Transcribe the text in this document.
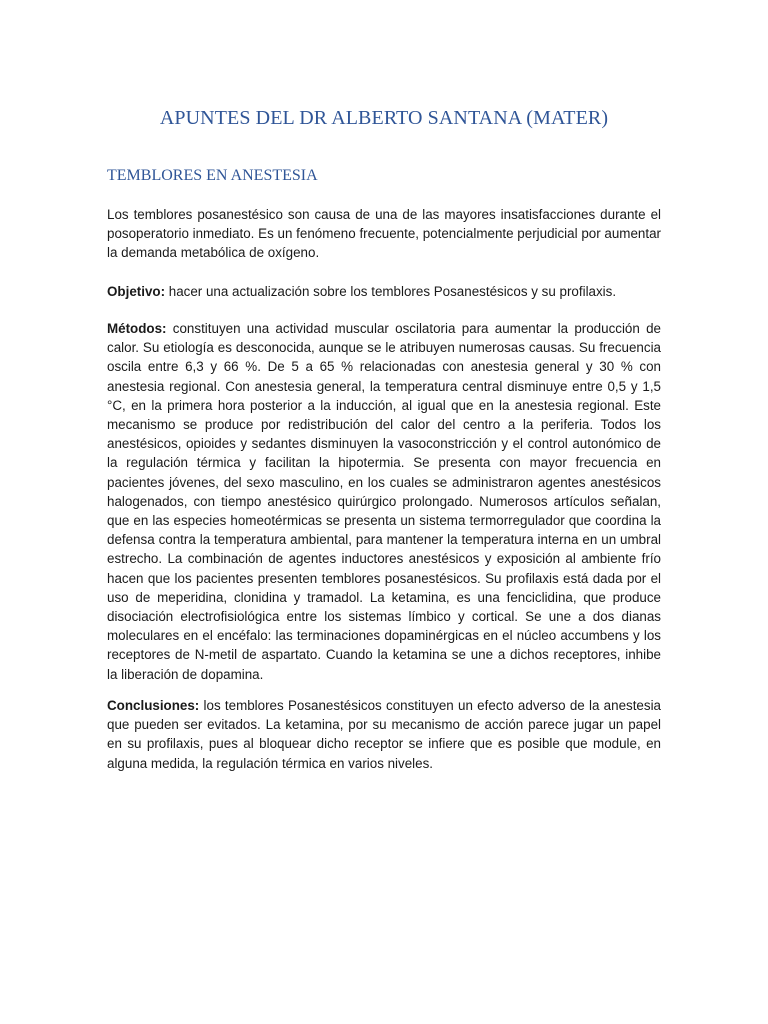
APUNTES DEL DR ALBERTO SANTANA (MATER)
TEMBLORES EN ANESTESIA

Los temblores posanestésico son causa de una de las mayores insatisfacciones durante el posoperatorio inmediato. Es un fenómeno frecuente, potencialmente perjudicial por aumentar la demanda metabólica de oxígeno.

Objetivo: hacer una actualización sobre los temblores Posanestésicos y su profilaxis.

Métodos: constituyen una actividad muscular oscilatoria para aumentar la producción de calor. Su etiología es desconocida, aunque se le atribuyen numerosas causas. Su frecuencia oscila entre 6,3 y 66 %. De 5 a 65 % relacionadas con anestesia general y 30 % con anestesia regional. Con anestesia general, la temperatura central disminuye entre 0,5 y 1,5 °C, en la primera hora posterior a la inducción, al igual que en la anestesia regional. Este mecanismo se produce por redistribución del calor del centro a la periferia. Todos los anestésicos, opioides y sedantes disminuyen la vasoconstricción y el control autonómico de la regulación térmica y facilitan la hipotermia. Se presenta con mayor frecuencia en pacientes jóvenes, del sexo masculino, en los cuales se administraron agentes anestésicos halogenados, con tiempo anestésico quirúrgico prolongado. Numerosos artículos señalan, que en las especies homeotérmicas se presenta un sistema termorregulador que coordina la defensa contra la temperatura ambiental, para mantener la temperatura interna en un umbral estrecho. La combinación de agentes inductores anestésicos y exposición al ambiente frío hacen que los pacientes presenten temblores posanestésicos. Su profilaxis está dada por el uso de meperidina, clonidina y tramadol. La ketamina, es una fenciclidina, que produce disociación electrofisiológica entre los sistemas límbico y cortical. Se une a dos dianas moleculares en el encéfalo: las terminaciones dopaminérgicas en el núcleo accumbens y los receptores de N-metil de aspartato. Cuando la ketamina se une a dichos receptores, inhibe la liberación de dopamina.

Conclusiones: los temblores Posanestésicos constituyen un efecto adverso de la anestesia que pueden ser evitados. La ketamina, por su mecanismo de acción parece jugar un papel en su profilaxis, pues al bloquear dicho receptor se infiere que es posible que module, en alguna medida, la regulación térmica en varios niveles.
